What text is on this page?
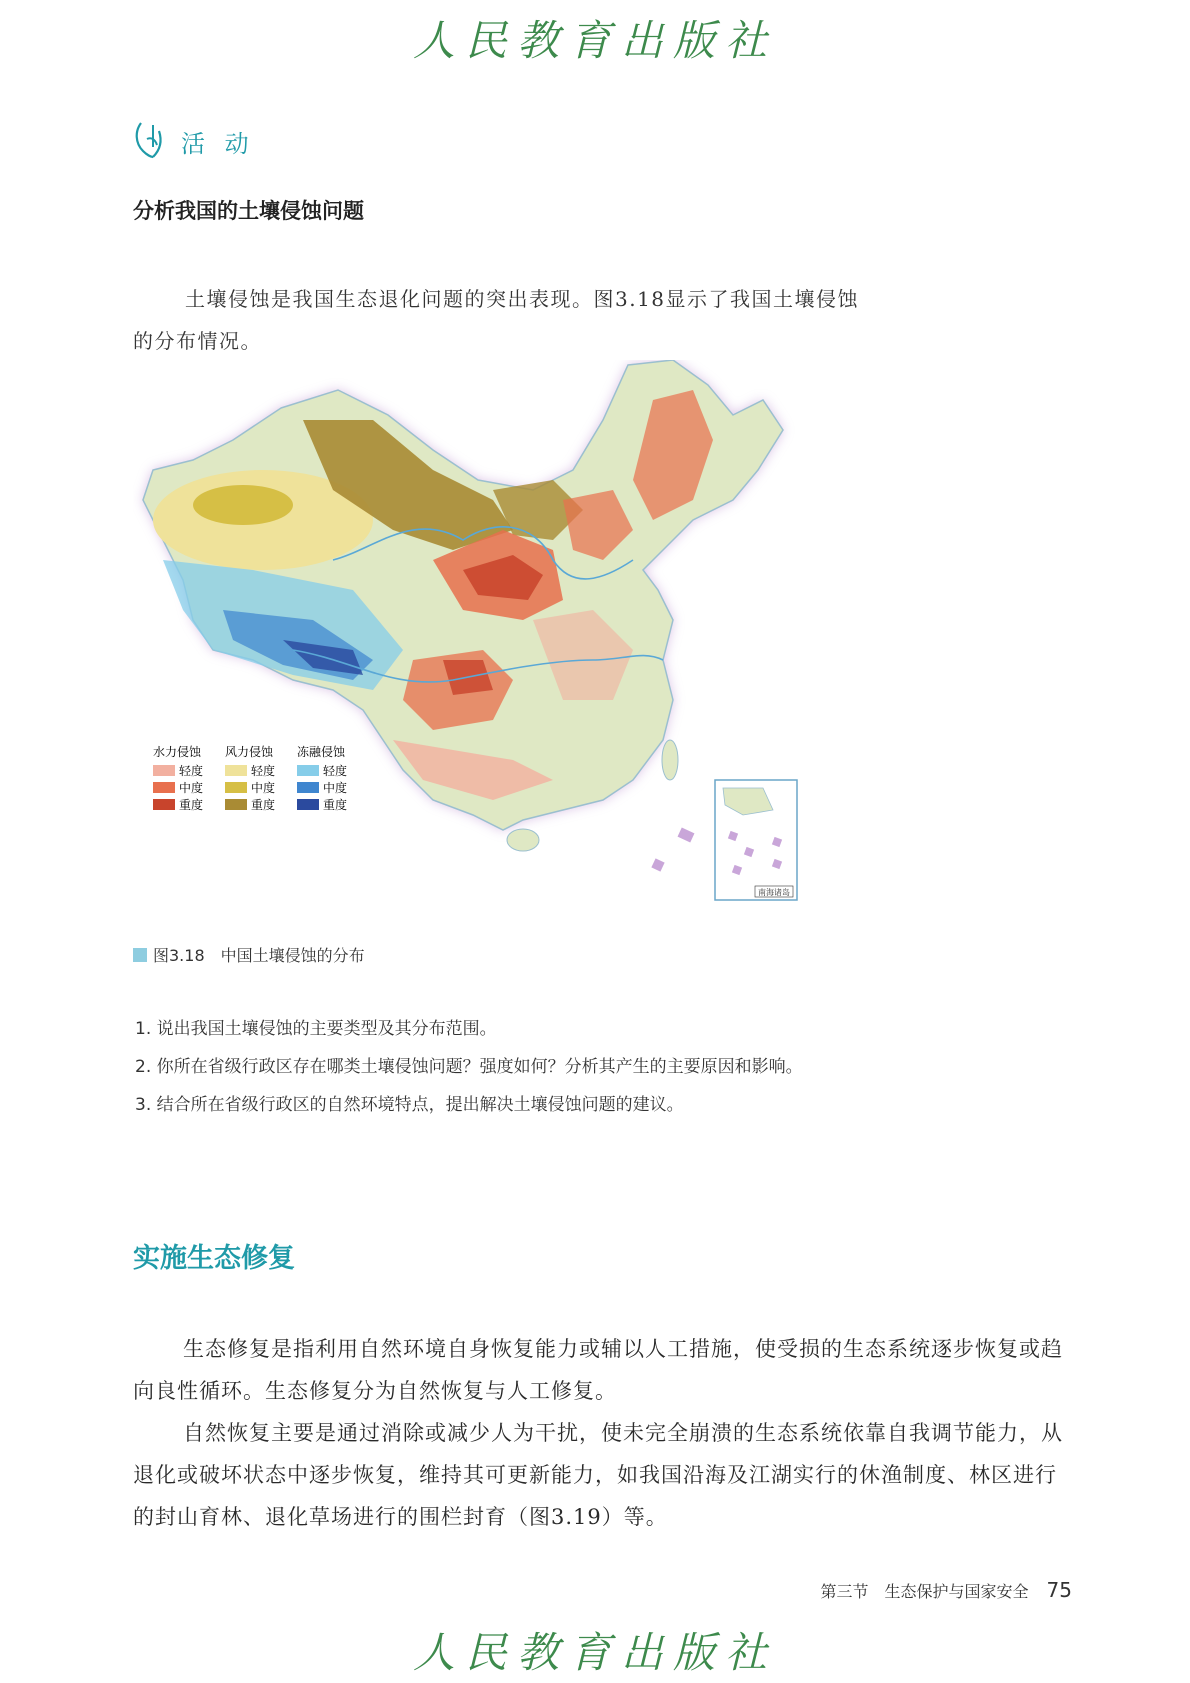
人民教育出版社
活 动
分析我国的土壤侵蚀问题

土壤侵蚀是我国生态退化问题的突出表现。图3.18显示了我国土壤侵蚀的分布情况。

水力侵蚀
轻度
中度
重度
风力侵蚀
轻度
中度
重度
冻融侵蚀
轻度
中度
重度
南海诸岛
图3.18　中国土壤侵蚀的分布
1. 说出我国土壤侵蚀的主要类型及其分布范围。
2. 你所在省级行政区存在哪类土壤侵蚀问题？强度如何？分析其产生的主要原因和影响。
3. 结合所在省级行政区的自然环境特点，提出解决土壤侵蚀问题的建议。
实施生态修复

生态修复是指利用自然环境自身恢复能力或辅以人工措施，使受损的生态系统逐步恢复或趋向良性循环。生态修复分为自然恢复与人工修复。

自然恢复主要是通过消除或减少人为干扰，使未完全崩溃的生态系统依靠自我调节能力，从退化或破坏状态中逐步恢复，维持其可更新能力，如我国沿海及江湖实行的休渔制度、林区进行的封山育林、退化草场进行的围栏封育（图3.19）等。

第三节　生态保护与国家安全 75
人民教育出版社
